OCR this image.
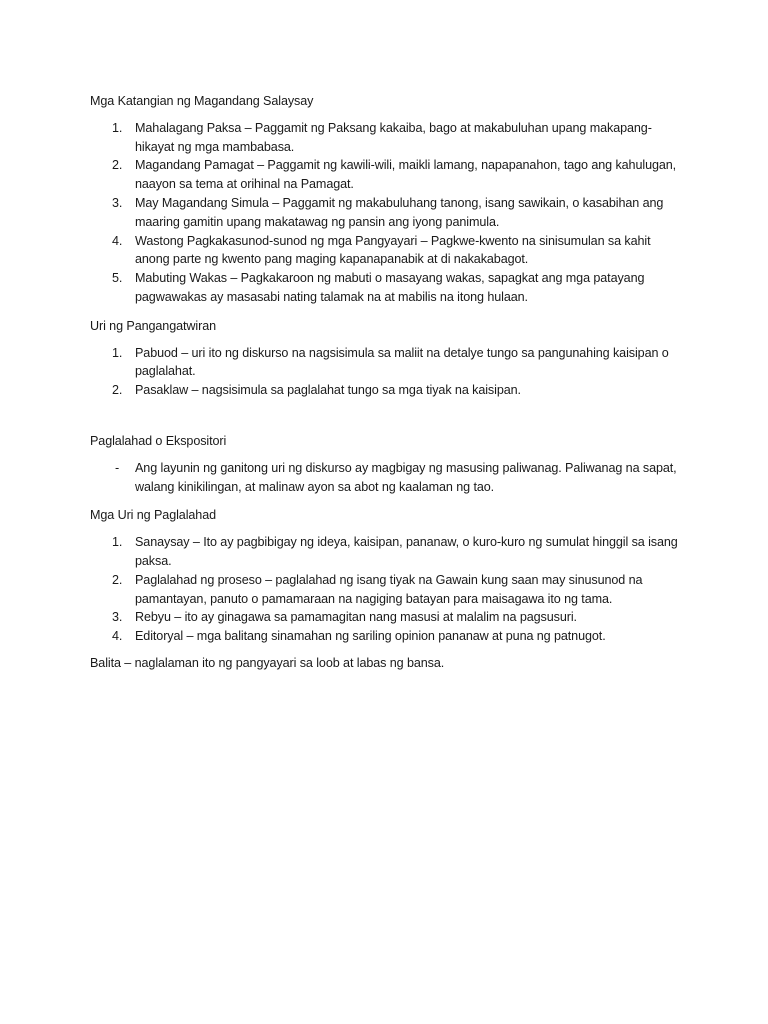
Mga Katangian ng Magandang Salaysay

1. Mahalagang Paksa – Paggamit ng Paksang kakaiba, bago at makabuluhan upang makapang-hikayat ng mga mambabasa.
2. Magandang Pamagat – Paggamit ng kawili-wili, maikli lamang, napapanahon, tago ang kahulugan, naayon sa tema at orihinal na Pamagat.
3. May Magandang Simula – Paggamit ng makabuluhang tanong, isang sawikain, o kasabihan ang maaring gamitin upang makatawag ng pansin ang iyong panimula.
4. Wastong Pagkakasunod-sunod ng mga Pangyayari – Pagkwe-kwento na sinisumulan sa kahit anong parte ng kwento pang maging kapanapanabik at di nakakabagot.
5. Mabuting Wakas – Pagkakaroon ng mabuti o masayang wakas, sapagkat ang mga patayang pagwawakas ay masasabi nating talamak na at mabilis na itong hulaan.

Uri ng Pangangatwiran

1. Pabuod – uri ito ng diskurso na nagsisimula sa maliit na detalye tungo sa pangunahing kaisipan o paglalahat.
2. Pasaklaw – nagsisimula sa paglalahat tungo sa mga tiyak na kaisipan.

Paglalahad o Ekspositori

- Ang layunin ng ganitong uri ng diskurso ay magbigay ng masusing paliwanag. Paliwanag na sapat, walang kinikilingan, at malinaw ayon sa abot ng kaalaman ng tao.

Mga Uri ng Paglalahad

1. Sanaysay – Ito ay pagbibigay ng ideya, kaisipan, pananaw, o kuro-kuro ng sumulat hinggil sa isang paksa.
2. Paglalahad ng proseso – paglalahad ng isang tiyak na Gawain kung saan may sinusunod na pamantayan, panuto o pamamaraan na nagiging batayan para maisagawa ito ng tama.
3. Rebyu – ito ay ginagawa sa pamamagitan nang masusi at malalim na pagsusuri.
4. Editoryal – mga balitang sinamahan ng sariling opinion pananaw at puna ng patnugot.

Balita – naglalaman ito ng pangyayari sa loob at labas ng bansa.
